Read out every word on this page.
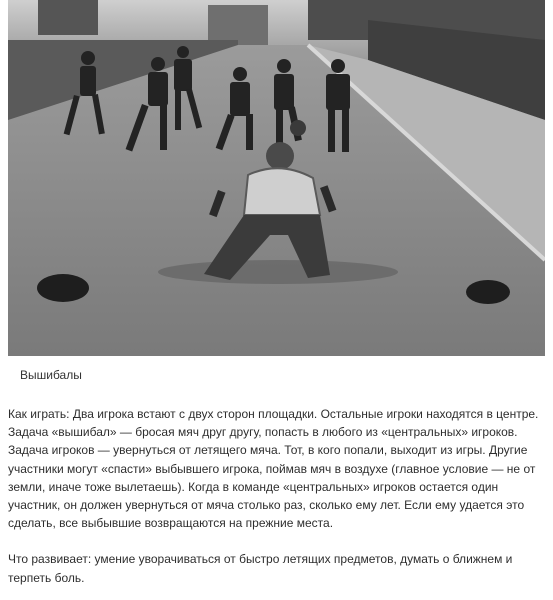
Вышибалы

Как играть: Два игрока встают с двух сторон площадки. Остальные игроки находятся в центре. Задача «вышибал» — бросая мяч друг другу, попасть в любого из «центральных» игроков. Задача игроков — увернуться от летящего мяча. Тот, в кого попали, выходит из игры. Другие участники могут «спасти» выбывшего игрока, поймав мяч в воздухе (главное условие — не от земли, иначе тоже вылетаешь). Когда в команде «центральных» игроков остается один участник, он должен увернуться от мяча столько раз, сколько ему лет. Если ему удается это сделать, все выбывшие возвращаются на прежние места.

Что развивает: умение уворачиваться от быстро летящих предметов, думать о ближнем и терпеть боль.
